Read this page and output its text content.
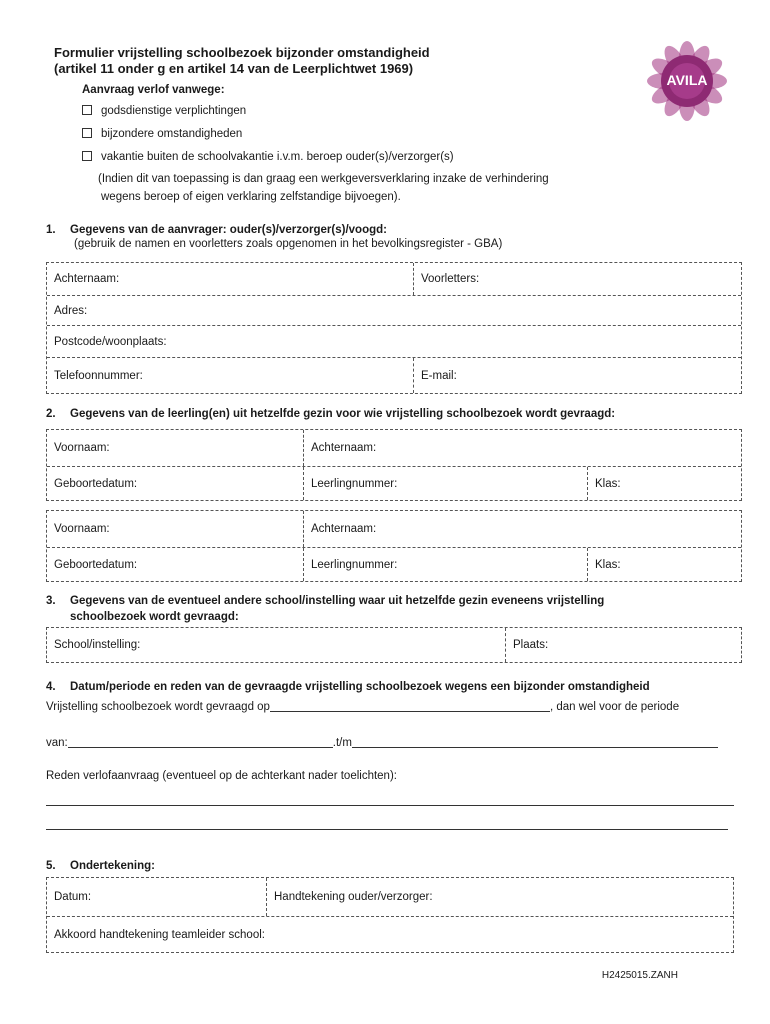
Formulier vrijstelling schoolbezoek bijzonder omstandigheid
(artikel 11 onder g en artikel 14 van de Leerplichtwet 1969)
AVILA
Aanvraag verlof vanwege:
godsdienstige verplichtingen
bijzondere omstandigheden
vakantie buiten de schoolvakantie i.v.m. beroep ouder(s)/verzorger(s)
(Indien dit van toepassing is dan graag een werkgeversverklaring inzake de verhindering
wegens beroep of eigen verklaring zelfstandige bijvoegen).
1. Gegevens van de aanvrager: ouder(s)/verzorger(s)/voogd:
(gebruik de namen en voorletters zoals opgenomen in het bevolkingsregister - GBA)
Achternaam:	Voorletters:
Adres:
Postcode/woonplaats:
Telefoonnummer:	E-mail:
2. Gegevens van de leerling(en) uit hetzelfde gezin voor wie vrijstelling schoolbezoek wordt gevraagd:
Voornaam:	Achternaam:
Geboortedatum:	Leerlingnummer:	Klas:
Voornaam:	Achternaam:
Geboortedatum:	Leerlingnummer:	Klas:
3. Gegevens van de eventueel andere school/instelling waar uit hetzelfde gezin eveneens vrijstelling
schoolbezoek wordt gevraagd:
School/instelling:	Plaats:
4. Datum/periode en reden van de gevraagde vrijstelling schoolbezoek wegens een bijzonder omstandigheid
Vrijstelling schoolbezoek wordt gevraagd op	, dan wel voor de periode
van:	.t/m
Reden verlofaanvraag (eventueel op de achterkant nader toelichten):
5. Ondertekening:
Datum:	Handtekening ouder/verzorger:
Akkoord handtekening teamleider school:
H2425015.ZANH
